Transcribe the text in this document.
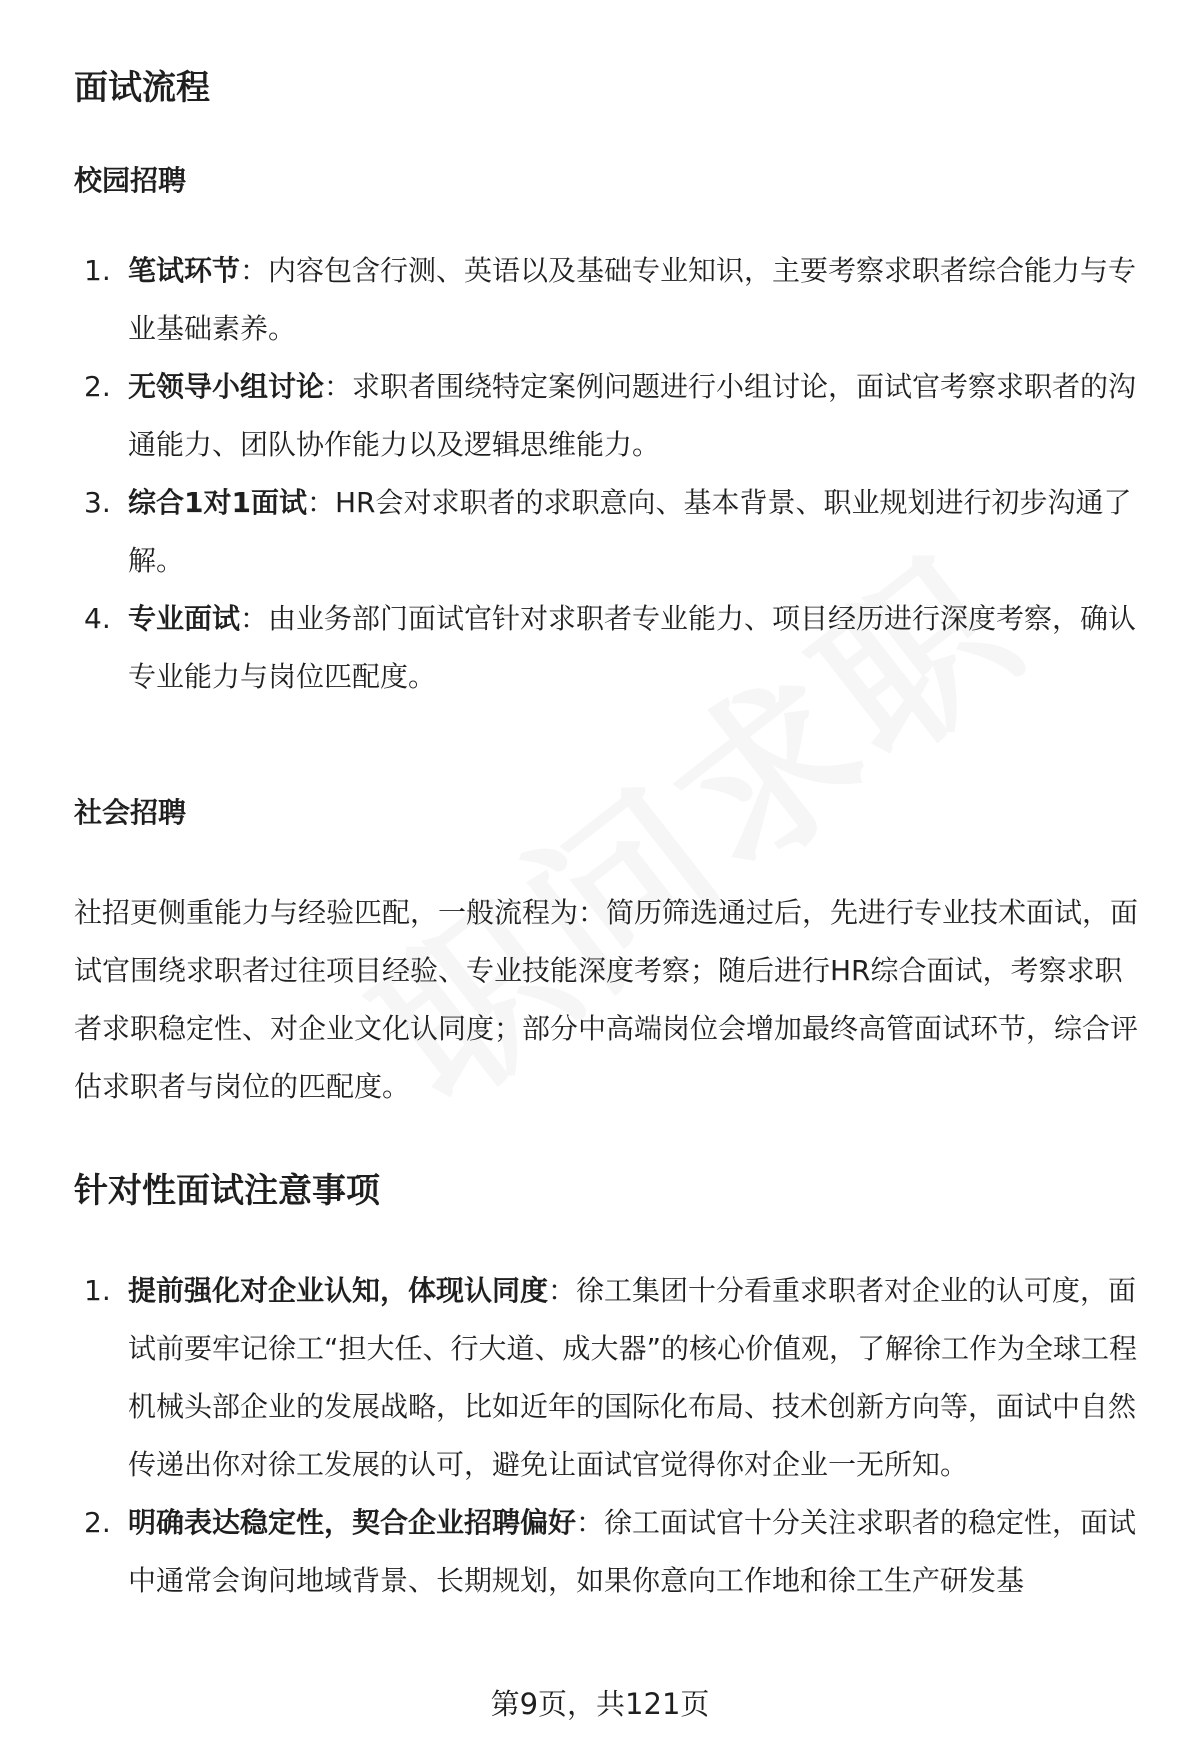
面试流程
校园招聘
1. 笔试环节：内容包含行测、英语以及基础专业知识，主要考察求职者综合能力与专业基础素养。
2. 无领导小组讨论：求职者围绕特定案例问题进行小组讨论，面试官考察求职者的沟通能力、团队协作能力以及逻辑思维能力。
3. 综合1对1面试：HR会对求职者的求职意向、基本背景、职业规划进行初步沟通了解。
4. 专业面试：由业务部门面试官针对求职者专业能力、项目经历进行深度考察，确认专业能力与岗位匹配度。
社会招聘

社招更侧重能力与经验匹配，一般流程为：简历筛选通过后，先进行专业技术面试，面试官围绕求职者过往项目经验、专业技能深度考察；随后进行HR综合面试，考察求职者求职稳定性、对企业文化认同度；部分中高端岗位会增加最终高管面试环节，综合评估求职者与岗位的匹配度。

针对性面试注意事项
1. 提前强化对企业认知，体现认同度：徐工集团十分看重求职者对企业的认可度，面试前要牢记徐工“担大任、行大道、成大器”的核心价值观，了解徐工作为全球工程机械头部企业的发展战略，比如近年的国际化布局、技术创新方向等，面试中自然传递出你对徐工发展的认可，避免让面试官觉得你对企业一无所知。
2. 明确表达稳定性，契合企业招聘偏好：徐工面试官十分关注求职者的稳定性，面试中通常会询问地域背景、长期规划，如果你意向工作地和徐工生产研发基
第9页，共121页
